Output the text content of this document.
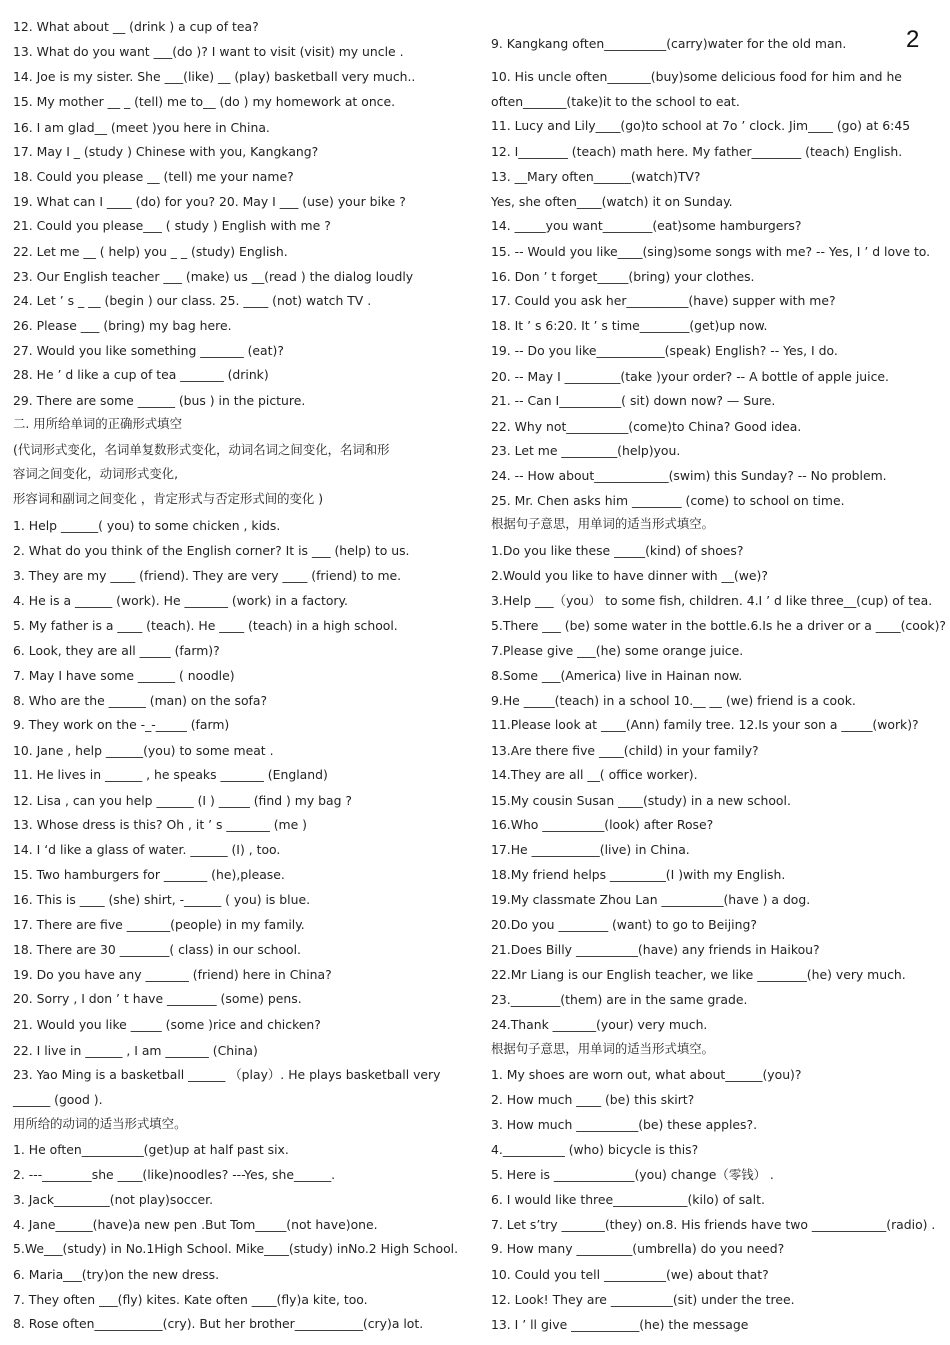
2
12. What about __ (drink ) a cup of tea?
13. What do you want ___(do )? I want to visit (visit) my uncle .
14. Joe is my sister. She ___(like) __ (play) basketball very much..
15. My mother __ _ (tell) me to__ (do ) my homework at once.
16. I am glad__ (meet )you here in China.
17. May I _ (study ) Chinese with you, Kangkang?
18. Could you please __ (tell) me your name?
19. What can I ____ (do) for you? 20. May I ___ (use) your bike ?
21. Could you please___ ( study ) English with me ?
22. Let me __ ( help) you _ _ (study) English.
23. Our English teacher ___ (make) us __(read ) the dialog loudly
24. Let ’ s _ __ (begin ) our class. 25. ____ (not) watch TV .
26. Please ___ (bring) my bag here.
27. Would you like something _______ (eat)?
28. He ’ d like a cup of tea _______ (drink)
29. There are some ______ (bus ) in the picture.
二. 用所给单词的正确形式填空
(代词形式变化，名词单复数形式变化，动词名词之间变化，名词和形
容词之间变化，动词形式变化,
形容词和副词之间变化 ，肯定形式与否定形式间的变化 )
1. Help ______( you) to some chicken , kids.
2. What do you think of the English corner? It is ___ (help) to us.
3. They are my ____ (friend). They are very ____ (friend) to me.
4. He is a ______ (work). He _______ (work) in a factory.
5. My father is a ____ (teach). He ____ (teach) in a high school.
6. Look, they are all _____ (farm)?
7. May I have some ______ ( noodle)
8. Who are the ______ (man) on the sofa?
9. They work on the -_-_____ (farm)
10. Jane , help ______(you) to some meat .
11. He lives in ______ , he speaks _______ (England)
12. Lisa , can you help ______ (I ) _____ (find ) my bag ?
13. Whose dress is this? Oh , it ’ s _______ (me )
14. I ‘d like a glass of water. ______ (I) , too.
15. Two hamburgers for _______ (he),please.
16. This is ____ (she) shirt, -______ ( you) is blue.
17. There are five _______(people) in my family.
18. There are 30 ________( class) in our school.
19. Do you have any _______ (friend) here in China?
20. Sorry , I don ’ t have ________ (some) pens.
21. Would you like _____ (some )rice and chicken?
22. I live in ______ , I am _______ (China)
23. Yao Ming is a basketball ______ （play）. He plays basketball very
______ (good ).
用所给的动词的适当形式填空。
1. He often__________(get)up at half past six.
2. ---________she ____(like)noodles? ---Yes, she______.
3. Jack_________(not play)soccer.
4. Jane______(have)a new pen .But Tom_____(not have)one.
5.We___(study) in No.1High School. Mike____(study) inNo.2 High School.
6. Maria___(try)on the new dress.
7. They often ___(fly) kites. Kate often ____(fly)a kite, too.
8. Rose often___________(cry). But her brother___________(cry)a lot.
9. Kangkang often__________(carry)water for the old man.
10. His uncle often_______(buy)some delicious food for him and he
often_______(take)it to the school to eat.
11. Lucy and Lily____(go)to school at 7o ’ clock. Jim____ (go) at 6:45
12. I________ (teach) math here. My father________ (teach) English.
13. __Mary often______(watch)TV?
Yes, she often____(watch) it on Sunday.
14. _____you want________(eat)some hamburgers?
15. -- Would you like____(sing)some songs with me? -- Yes, I ’ d love to.
16. Don ’ t forget_____(bring) your clothes.
17. Could you ask her__________(have) supper with me?
18. It ’ s 6:20. It ’ s time________(get)up now.
19. -- Do you like___________(speak) English? -- Yes, I do.
20. -- May I _________(take )your order? -- A bottle of apple juice.
21. -- Can I__________( sit) down now? — Sure.
22. Why not__________(come)to China? Good idea.
23. Let me _________(help)you.
24. -- How about____________(swim) this Sunday? -- No problem.
25. Mr. Chen asks him ________ (come) to school on time.
根据句子意思，用单词的适当形式填空。
1.Do you like these _____(kind) of shoes?
2.Would you like to have dinner with __(we)?
3.Help ___（you） to some fish, children. 4.I ’ d like three__(cup) of tea.
5.There ___ (be) some water in the bottle.6.Is he a driver or a ____(cook)?
7.Please give ___(he) some orange juice.
8.Some ___(America) live in Hainan now.
9.He _____(teach) in a school 10.__ __ (we) friend is a cook.
11.Please look at ____(Ann) family tree. 12.Is your son a _____(work)?
13.Are there five ____(child) in your family?
14.They are all __( office worker).
15.My cousin Susan ____(study) in a new school.
16.Who __________(look) after Rose?
17.He ___________(live) in China.
18.My friend helps _________(I )with my English.
19.My classmate Zhou Lan __________(have ) a dog.
20.Do you ________ (want) to go to Beijing?
21.Does Billy __________(have) any friends in Haikou?
22.Mr Liang is our English teacher, we like ________(he) very much.
23.________(them) are in the same grade.
24.Thank _______(your) very much.
根据句子意思，用单词的适当形式填空。
1. My shoes are worn out, what about______(you)?
2. How much ____ (be) this skirt?
3. How much __________(be) these apples?.
4.__________ (who) bicycle is this?
5. Here is _____________(you) change（零钱） .
6. I would like three____________(kilo) of salt.
7. Let s’try _______(they) on.8. His friends have two ____________(radio) .
9. How many _________(umbrella) do you need?
10. Could you tell __________(we) about that?
12. Look! They are __________(sit) under the tree.
13. I ’ ll give ___________(he) the message
